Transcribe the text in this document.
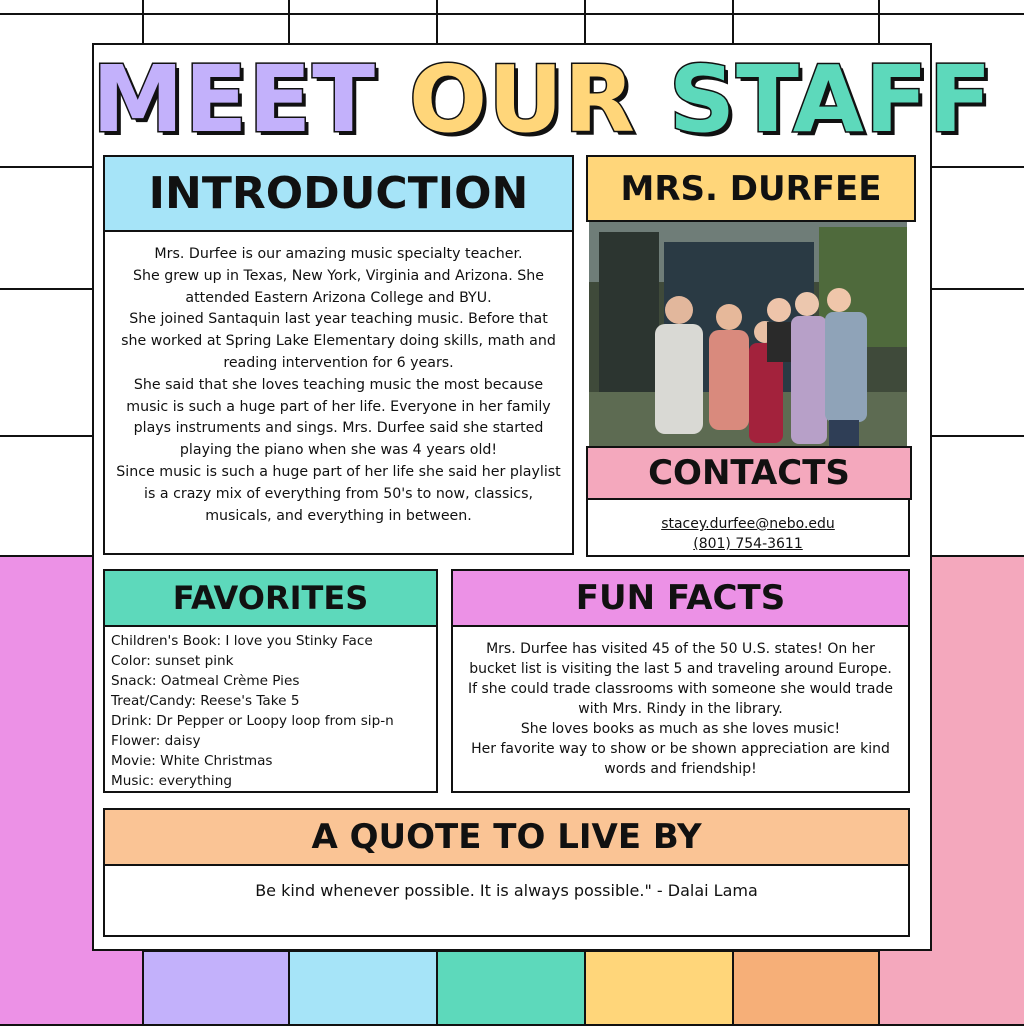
MEET OUR STAFF
INTRODUCTION
Mrs. Durfee is our amazing music specialty teacher.
She grew up in Texas, New York, Virginia and Arizona. She attended Eastern Arizona College and BYU.
She joined Santaquin last year teaching music. Before that she worked at Spring Lake Elementary doing skills, math and reading intervention for 6 years.
She said that she loves teaching music the most because music is such a huge part of her life. Everyone in her family plays instruments and sings. Mrs. Durfee said she started playing the piano when she was 4 years old!
Since music is such a huge part of her life she said her playlist is a crazy mix of everything from 50's to now, classics, musicals, and everything in between.
MRS. DURFEE
CONTACTS
stacey.durfee@nebo.edu
(801) 754-3611
FAVORITES
Children's Book: I love you Stinky Face
Color: sunset pink
Snack: Oatmeal Crème Pies
Treat/Candy: Reese's Take 5
Drink: Dr Pepper or Loopy loop from sip-n
Flower: daisy
Movie: White Christmas
Music: everything
FUN FACTS
Mrs. Durfee has visited 45 of the 50 U.S. states! On her bucket list is visiting the last 5 and traveling around Europe.
If she could trade classrooms with someone she would trade with Mrs. Rindy in the library.
She loves books as much as she loves music!
Her favorite way to show or be shown appreciation are kind words and friendship!
A QUOTE TO LIVE BY
Be kind whenever possible. It is always possible." - Dalai Lama
